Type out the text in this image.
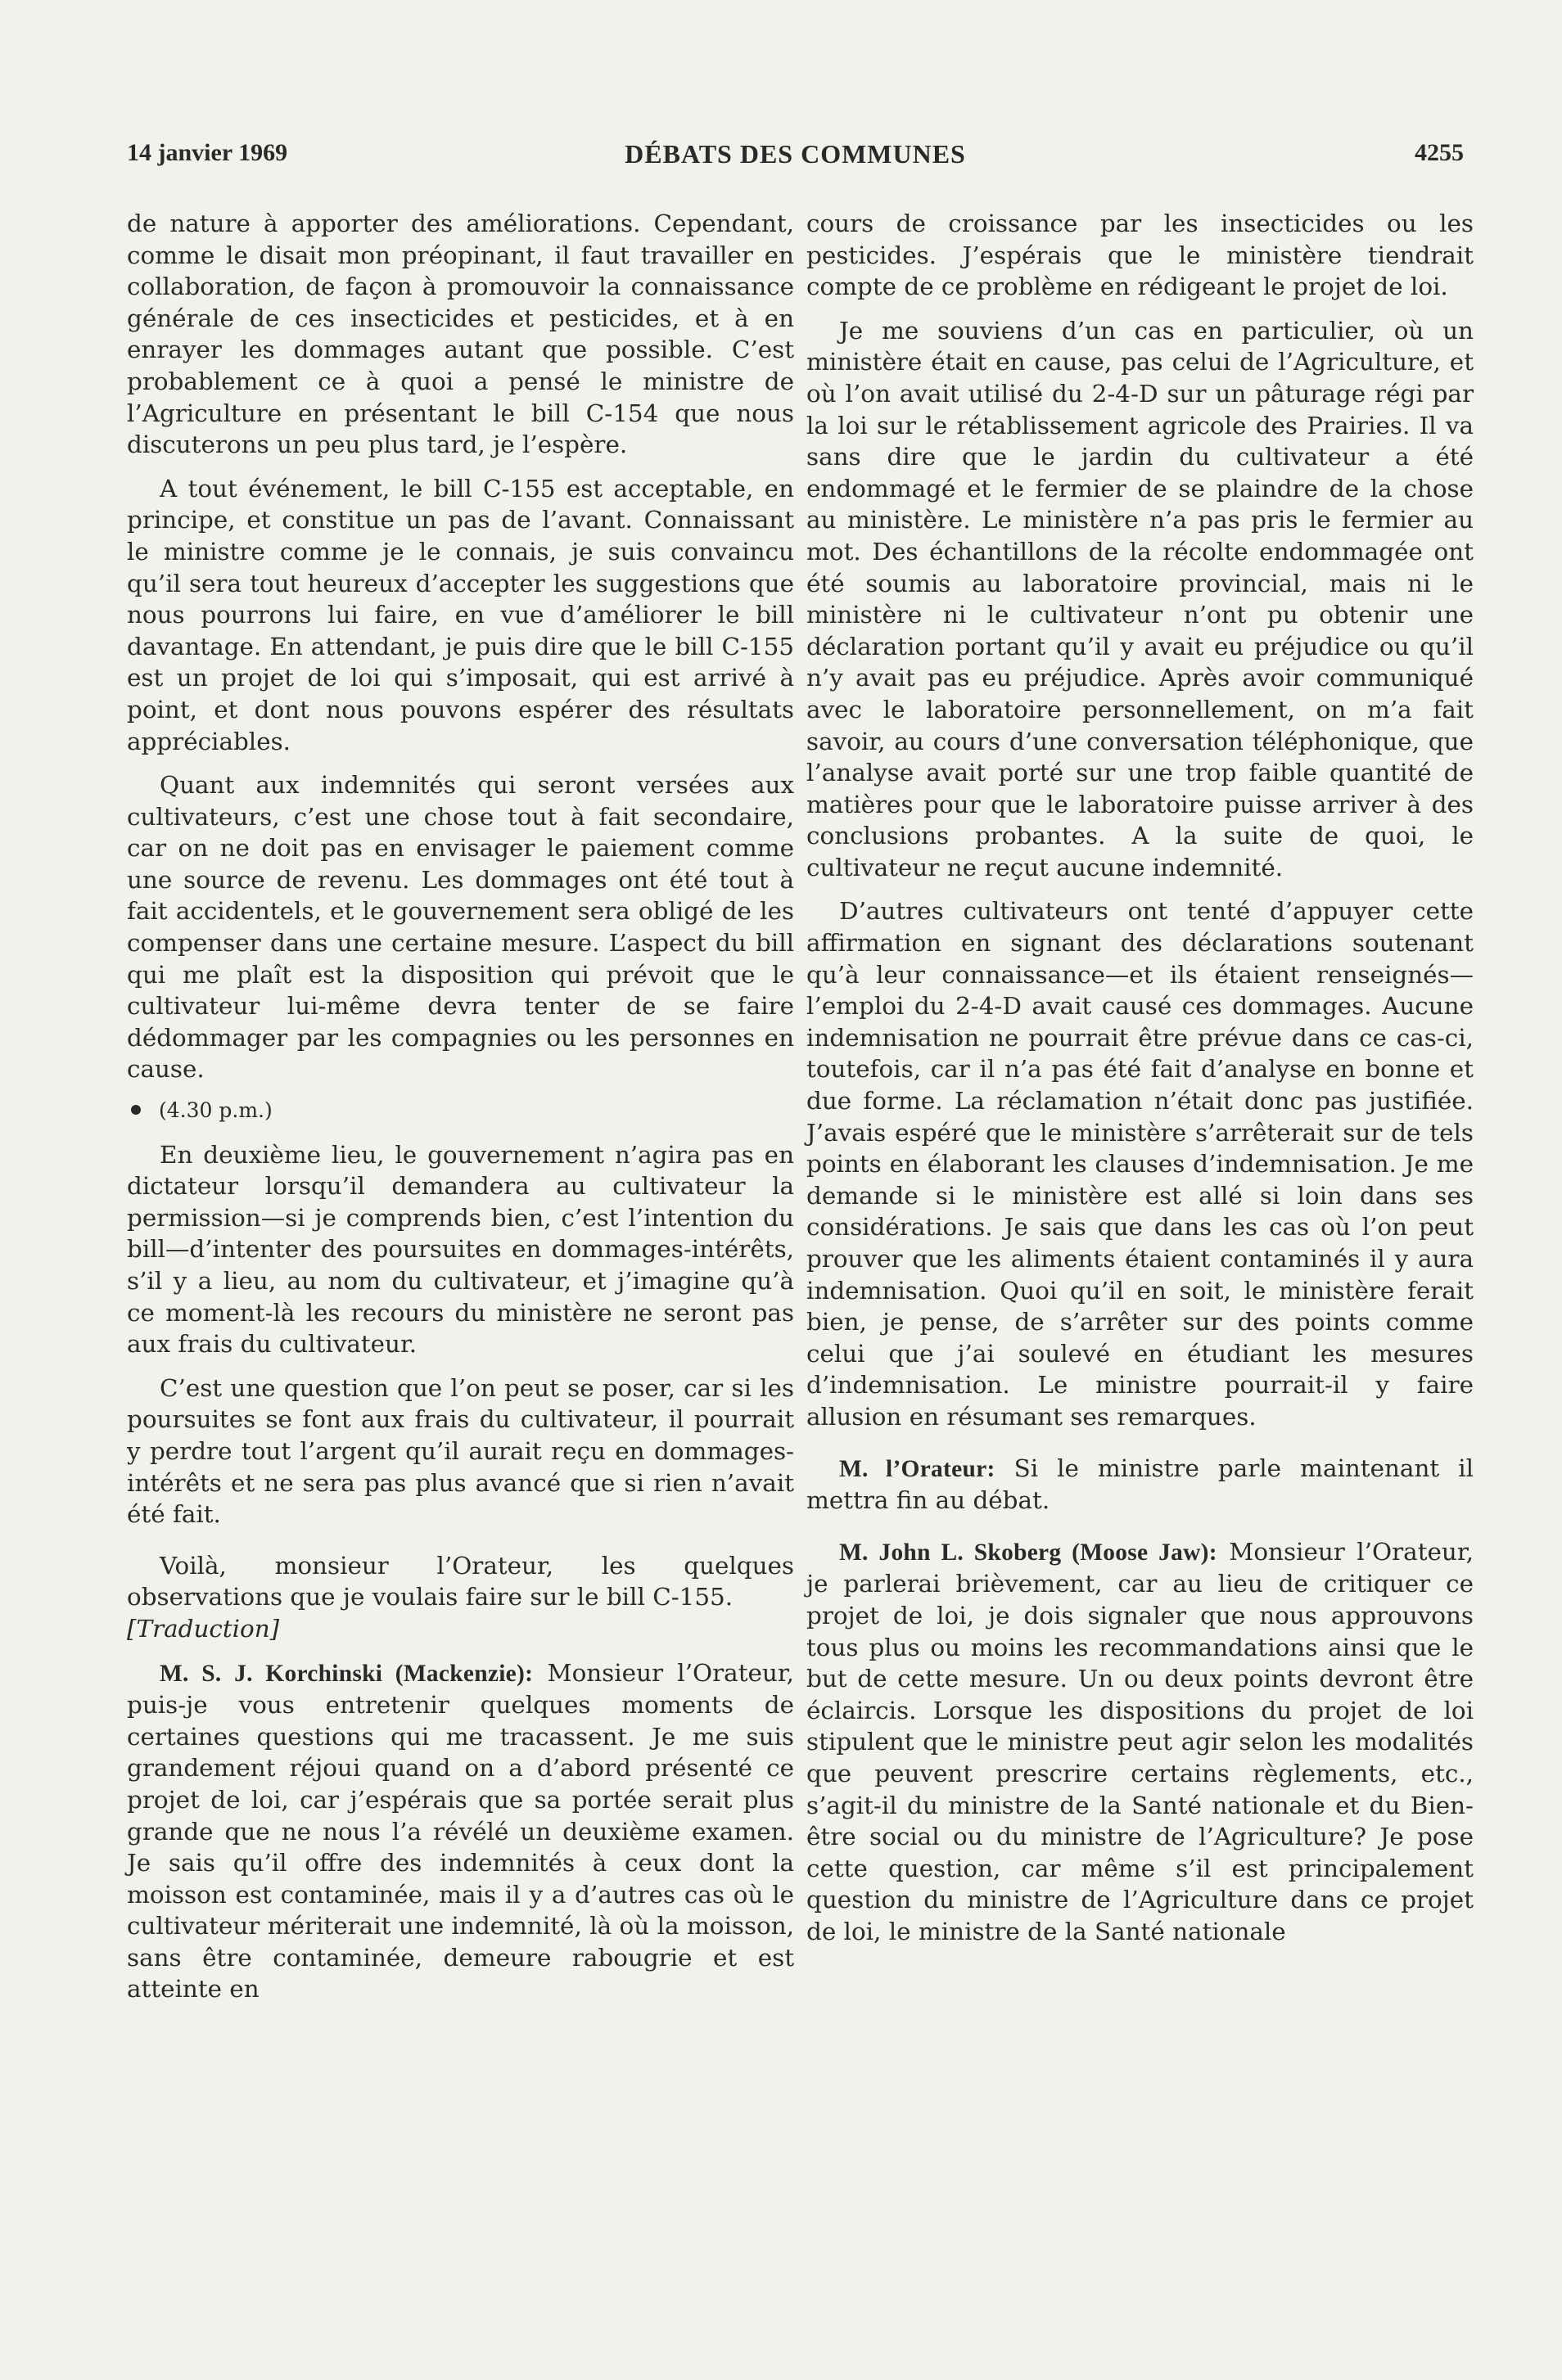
14 janvier 1969	DÉBATS DES COMMUNES	4255

de nature à apporter des améliorations. Cependant, comme le disait mon préopinant, il faut travailler en collaboration, de façon à promouvoir la connaissance générale de ces insecticides et pesticides, et à en enrayer les dommages autant que possible. C’est probablement ce à quoi a pensé le ministre de l’Agriculture en présentant le bill C-154 que nous discuterons un peu plus tard, je l’espère.

A tout événement, le bill C-155 est acceptable, en principe, et constitue un pas de l’avant. Connaissant le ministre comme je le connais, je suis convaincu qu’il sera tout heureux d’accepter les suggestions que nous pourrons lui faire, en vue d’améliorer le bill davantage. En attendant, je puis dire que le bill C-155 est un projet de loi qui s’imposait, qui est arrivé à point, et dont nous pouvons espérer des résultats appréciables.

Quant aux indemnités qui seront versées aux cultivateurs, c’est une chose tout à fait secondaire, car on ne doit pas en envisager le paiement comme une source de revenu. Les dommages ont été tout à fait accidentels, et le gouvernement sera obligé de les compenser dans une certaine mesure. L’aspect du bill qui me plaît est la disposition qui prévoit que le cultivateur lui-même devra tenter de se faire dédommager par les compagnies ou les personnes en cause.

(4.30 p.m.)

En deuxième lieu, le gouvernement n’agira pas en dictateur lorsqu’il demandera au cultivateur la permission—si je comprends bien, c’est l’intention du bill—d’intenter des poursuites en dommages-intérêts, s’il y a lieu, au nom du cultivateur, et j’imagine qu’à ce moment-là les recours du ministère ne seront pas aux frais du cultivateur.

C’est une question que l’on peut se poser, car si les poursuites se font aux frais du cultivateur, il pourrait y perdre tout l’argent qu’il aurait reçu en dommages-intérêts et ne sera pas plus avancé que si rien n’avait été fait.

Voilà, monsieur l’Orateur, les quelques observations que je voulais faire sur le bill C-155.

[Traduction]

M. S. J. Korchinski (Mackenzie): Monsieur l’Orateur, puis-je vous entretenir quelques moments de certaines questions qui me tracassent. Je me suis grandement réjoui quand on a d’abord présenté ce projet de loi, car j’espérais que sa portée serait plus grande que ne nous l’a révélé un deuxième examen. Je sais qu’il offre des indemnités à ceux dont la moisson est contaminée, mais il y a d’autres cas où le cultivateur mériterait une indemnité, là où la moisson, sans être contaminée, demeure rabougrie et est atteinte en

cours de croissance par les insecticides ou les pesticides. J’espérais que le ministère tiendrait compte de ce problème en rédigeant le projet de loi.

Je me souviens d’un cas en particulier, où un ministère était en cause, pas celui de l’Agriculture, et où l’on avait utilisé du 2-4-D sur un pâturage régi par la loi sur le rétablissement agricole des Prairies. Il va sans dire que le jardin du cultivateur a été endommagé et le fermier de se plaindre de la chose au ministère. Le ministère n’a pas pris le fermier au mot. Des échantillons de la récolte endommagée ont été soumis au laboratoire provincial, mais ni le ministère ni le cultivateur n’ont pu obtenir une déclaration portant qu’il y avait eu préjudice ou qu’il n’y avait pas eu préjudice. Après avoir communiqué avec le laboratoire personnellement, on m’a fait savoir, au cours d’une conversation téléphonique, que l’analyse avait porté sur une trop faible quantité de matières pour que le laboratoire puisse arriver à des conclusions probantes. A la suite de quoi, le cultivateur ne reçut aucune indemnité.

D’autres cultivateurs ont tenté d’appuyer cette affirmation en signant des déclarations soutenant qu’à leur connaissance—et ils étaient renseignés—l’emploi du 2-4-D avait causé ces dommages. Aucune indemnisation ne pourrait être prévue dans ce cas-ci, toutefois, car il n’a pas été fait d’analyse en bonne et due forme. La réclamation n’était donc pas justifiée. J’avais espéré que le ministère s’arrêterait sur de tels points en élaborant les clauses d’indemnisation. Je me demande si le ministère est allé si loin dans ses considérations. Je sais que dans les cas où l’on peut prouver que les aliments étaient contaminés il y aura indemnisation. Quoi qu’il en soit, le ministère ferait bien, je pense, de s’arrêter sur des points comme celui que j’ai soulevé en étudiant les mesures d’indemnisation. Le ministre pourrait-il y faire allusion en résumant ses remarques.

M. l’Orateur: Si le ministre parle maintenant il mettra fin au débat.

M. John L. Skoberg (Moose Jaw): Monsieur l’Orateur, je parlerai brièvement, car au lieu de critiquer ce projet de loi, je dois signaler que nous approuvons tous plus ou moins les recommandations ainsi que le but de cette mesure. Un ou deux points devront être éclaircis. Lorsque les dispositions du projet de loi stipulent que le ministre peut agir selon les modalités que peuvent prescrire certains règlements, etc., s’agit-il du ministre de la Santé nationale et du Bien-être social ou du ministre de l’Agriculture? Je pose cette question, car même s’il est principalement question du ministre de l’Agriculture dans ce projet de loi, le ministre de la Santé nationale
